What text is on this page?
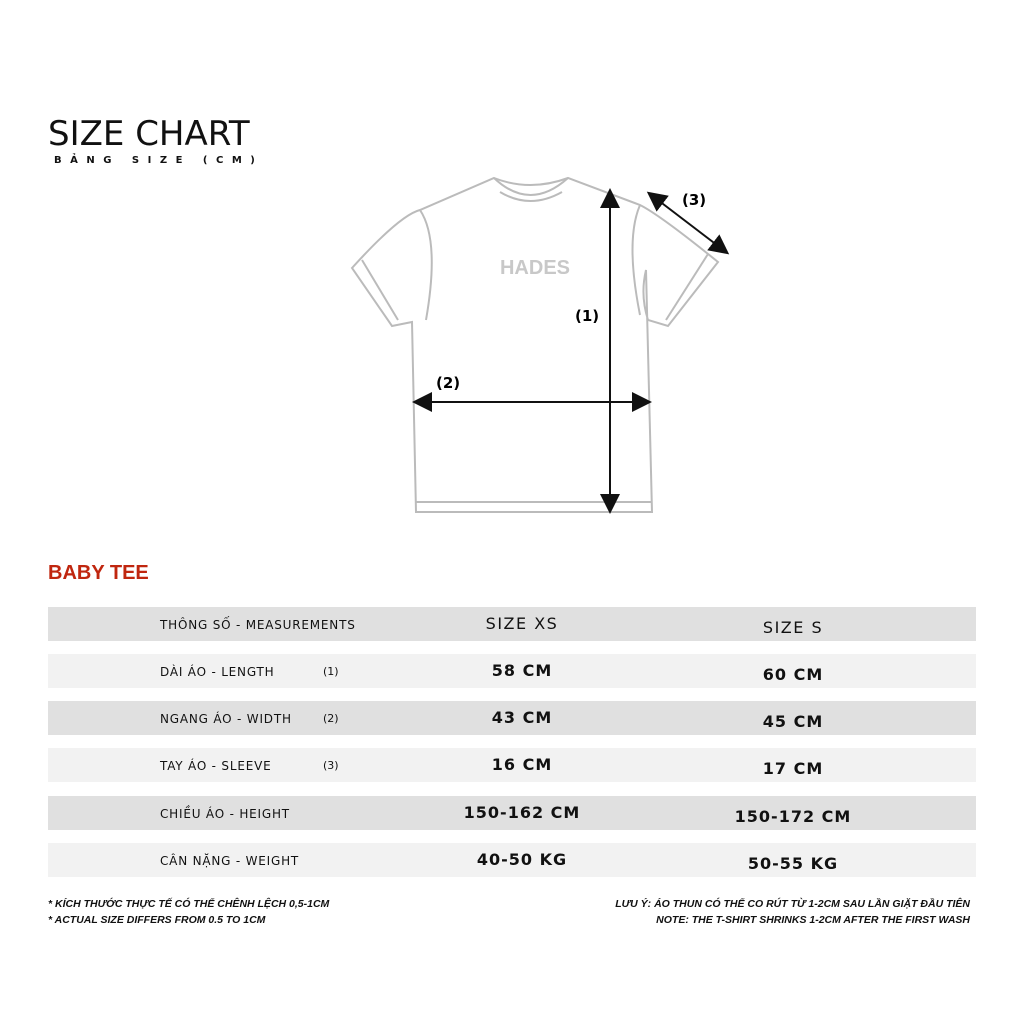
SIZE CHART
BẢNG SIZE (CM)
HADES
(1)
(2)
(3)
BABY TEE
THÔNG SỐ - MEASUREMENTS	SIZE XS	SIZE S
DÀI ÁO - LENGTH	(1)	58 CM	60 CM
NGANG ÁO - WIDTH	(2)	43 CM	45 CM
TAY ÁO - SLEEVE	(3)	16 CM	17 CM
CHIỀU ÁO - HEIGHT	150-162 CM	150-172 CM
CÂN NẶNG - WEIGHT	40-50 KG	50-55 KG
* KÍCH THƯỚC THỰC TẾ CÓ THỂ CHÊNH LỆCH 0,5-1CM
* ACTUAL SIZE DIFFERS FROM 0.5 TO 1CM
LƯU Ý: ÁO THUN CÓ THỂ CO RÚT TỪ 1-2CM SAU LẦN GIẶT ĐẦU TIÊN
NOTE: THE T-SHIRT SHRINKS 1-2CM AFTER THE FIRST WASH
